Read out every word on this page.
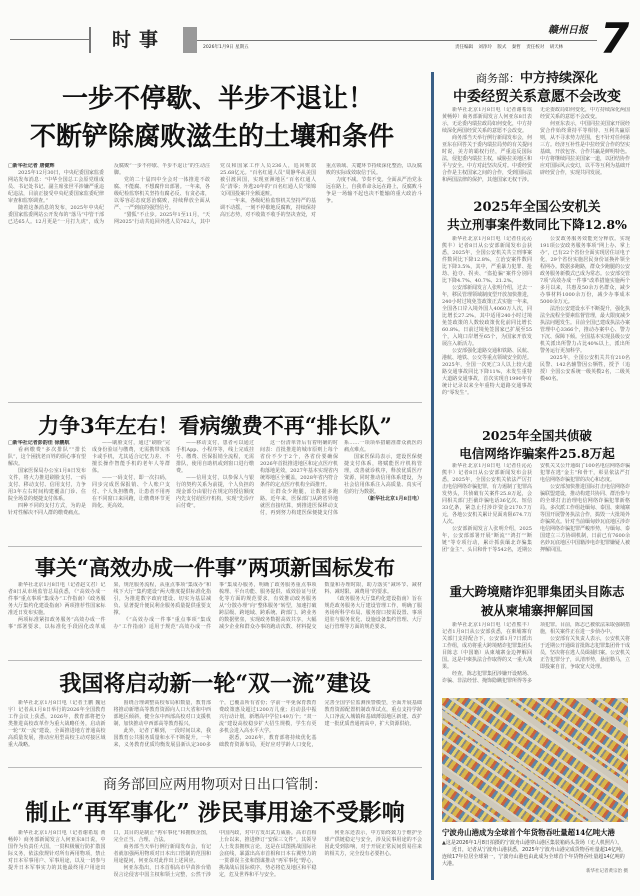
时事	2026年1月9日 星期五
赣州日报
责任编辑 刘净玲 版式 秦哲 责任校对 胡天林 7
一步不停歇、半步不退让！
不断铲除腐败滋生的土壤和条件

□新华社记者 唐健辉

2025年12月30日，中央纪委国家监委网站发布消息：“中华全国总工会原党组成员、书记处书记、副主席张世平涉嫌严重违纪违法，目前正接受中央纪委国家监委纪律审查和监察调查。”

随着这条消息的发布，2025年中央纪委国家监委网站公开发布的“落马”中管干部已达65人。12月更是“一月打九虎”，成为反腐败“一步不停歇、半步不退让”的生动注脚。

党的二十届四中全会对一体推进不敢腐、不能腐、不想腐作出部署。一年来，各级纪检监察机关坚持有腐必反、有贪必肃，以零容忍态度惩治腐败，持续释放全面从严、一严到底的强烈信号。

“猎狐”不止步。2025年1至11月，“天网2025”行动共追回外逃人员762人，其中党员和国家工作人员236人，追回赃款25.68亿元。“百名红通人员”周静华从美国被引渡回国，实现亚洲地区“百名红通人员”清零；外逃20年的“百名红通人员”梁锦文回国投案并全额退赃。

一年来，各级纪检监察机关坚持严的基调不动摇，一刻不停歇地反腐败，持续保持高压态势，对不收敛不收手的坚决查处，对重点领域、关键环节持续深化整治，以反腐败的实际成效取信于民。

力度不减。节奏不变。全面从严治党永远在路上，自我革命永远在路上，反腐败斗争是一场输不起也决不能输的重大政治斗争。

力争3年左右！看病缴费不再“排长队”

□新华社记者彭韵佳 徐鹏航

看病缴费“多次排队”“排长队”，这个困扰老百姓的烦心事有望解决。

国家医保局办公室1月8日发布文件，将大力推进刷脸支付、一码支付、移动支付、信用支付，力争用3年左右时间构建覆盖门诊、住院全场景的便捷支付体系。

四种不同的支付方式，为的是针对性解决不同人群的缴费痛点。

——刷脸支付，通过“刷脸”完成身份验证与缴费，无需携带实体卡或手机，尤其适合记忆力差、不擅长操作智能手机的老年人等群体。

——一码支付，即一次扫码，同步完成医保报销、个人账户支付、个人负担缴费，让患者不用再在不同窗口来回跑，让缴费环节更简化、更高效。

——移动支付，患者可以通过手机App、小程序等，线上完成挂号、缴费、医保报销全流程，无需排队，使用自助机或到窗口进行缴费。

——信用支付，以参保人与银行的契约关系为前提，个人负担的现金部分由银行在规定的授信额度内先支付给医疗机构，实现“先诊疗后付费”。

这一份清单背后有着明确的时间表：首批推进的城市原则上每个省份不少于2个，各省份要确保2026年首批推进地区和定点医疗机构落地见效，2027年基本实现省内统筹地区全覆盖，2028年省内符合条件的定点医疗机构全面推开。

让群众少跑腿，让数据多跑路。近年来，医保部门从跨省异地就医直接结算，到推进医保移动支付，再到努力构建医保便捷支付体系……一项项举措瞄准群众就医的痛点难点。

国家医保局表示，建设医保便捷支付体系，将赋能医疗机构管理，改善就诊秩序，释放优质医疗资源，同时推动信用体系建设，为社会信用体系注入高质量、真实可信的行为数据。

（新华社北京1月8日电）

事关“高效办成一件事”两项新国标发布

新华社北京1月8日电（记者赵文君）记者8日从市场监管总局获悉，《“高效办成一件事”重点事项“集成办”工作指南》《政务服务大厅集约化建设指南》两项推荐性国家标准近日发布实施。

两项标准紧扣政务服务“高效办成一件事”部署要求，以标准化手段固化改革成果，规范服务流程，从重点事项“集成办”和线下大厅“集约建设”两大维度提供标准化指引，为推进数字政府建设、切实为基层减负、显著提升便民利企服务质量提供重要支撑。

《“高效办成一件事”重点事项“集成办”工作指南》适用于规范“高效办成一件事”集成办服务，明确了政务服务重点事项梳理、平台功能、服务提供、成效验证与优化等方面的规范要求，有效推动政务服务从“分散办理”向“整体服务”转型，加速打破跨层级、跨地域、跨系统、跨部门、跨业务的数据壁垒，实现政务数据高效共享，大幅减少企业和群众办事的跑动次数、材料提交数量和办理时限，助力落实“减环节、减材料、减时限、减费用”的要求。

《政务服务大厅集约化建设指南》旨在规范政务服务大厅建设管理工作，明确了服务场所科学布局、服务窗口按需设置、事项进驻与服务优化、设施设备集约管理、大厅运行管理等方面的规范要求。

我国将启动新一轮“双一流”建设

新华社北京1月8日电（记者王鹏 魏冠宇）记者从1月8日举行的2026年全国教育工作会议上获悉，2026年，教育部将把分类推进高校改革作为重大战略任务，启动新一轮“双一流”建设，全面推进地方普通高校高质量发展，推动应用型高校主动对接区域重大战略。

围绕合理调整高校布局和数量，教育部将推动新增高等教育资源向人口大省和中西部地区倾斜，健全东中西部高校对口支援机制，加快推动中西部高等教育振兴。

此外，记者了解到，一段时间以来，我国教育公共服务质量和水平不断提升。一年来，义务教育优质均衡发展县新认定300多个，已覆盖所有省份；学前一年免保育教育费政策惠及超过1200万儿童；启动县中振兴行动计划，新增高中学位149万个；“双一流”建设高校稳步扩大招生规模，学生有更多机会进入高水平大学。

据悉，2026年，教育部将持续优化基础教育资源布局，更好应对学龄人口变化，完善全国学位监测预警模型，全面开展基础教育资源配置机制改革试点，重点支持学龄人口净流入城镇和基础薄弱地区新建、改扩建一批优质普通初高中，扩大资源供给。

商务部回应两用物项对日出口管制：
制止“再军事化” 涉民事用途不受影响

新华社北京1月8日电（记者谢希瑶 黄畅婷）商务部新闻发言人何亚东8日说，中国作为负责任大国，一贯积极履行防扩散国际义务，依法依规针对所有两用物项，禁止对日本军事用户、军事用途，以及一切参与提升日本军事实力的其他最终用户用途出口，其目的是制止“再军事化”和拥核企图，完全正当、合理、合法。

商务部当天举行例行新闻发布会，有记者就加强两用物项对日本出口管制的范围和用途提问，何亚东对此作出上述回应。

何亚东指出，日本首相高市早苗涉台错误言论侵害中国主权和领土完整，公然干涉中国内政，对中方发出武力威胁。高市首相上台以来，推进修订“安保三文件”，其领导人士发表拥核言论，这是在试图挑战国际社会底线，暴露出高市首相和日本右翼势力的一贯谬误主张和图谋推动“再军事化”野心，挑战战后国际秩序，势必将危及地区和平稳定，危及世界和平与安全。

何亚东还表示，中方始终致力于维护全球产供链稳定与安全，涉及民事用途的不会因此受到影响，对于开展正常民间贸易往来的相关方，完全没有必要担心。

商务部：中方持续深化
中委经贸关系意愿不会改变

新华社北京1月8日电（记者谢希瑶 黄畅婷）商务部新闻发言人何亚东8日表示，无论委内瑞拉政局如何变化，中方持续深化两国经贸关系的意愿不会改变。

商务部当天举行例行新闻发布会，何亚东在回答关于委内瑞拉局势的有关提问时说，美方的霸权行径，严重违反国际法，侵犯委内瑞拉主权，威胁拉美地区和平与安全。中方对此坚决反对。中委经贸合作是主权国家之间的合作，受到国际法和两国法律的保护，其他国家无权干涉。无论委政局如何变化，中方持续深化两国经贸关系的意愿不会改变。

何亚东表示，中国同拉美国家开展经贸合作始终秉持平等相待、互利共赢原则，从不寻求势力范围，也不针对任何第三方。经济互补性是中拉经贸合作的坚实基础，开放包容、合作共赢是鲜明特色。中方将继续同拉美国家一道，以团结协作应对国际风云变幻，以平等互利为基础开辟经贸合作，实现共同发展。

2025年全国公安机关
共立刑事案件数同比下降12.8%

新华社北京1月8日电（记者任沁沁 熊丰）记者8日从公安部新闻发布会获悉，2025年，全国公安机关共立刑事案件数同比下降12.8%，立治安案件数同比下降3.5%，其中，严重暴力犯罪、抢劫、抢夺、拐卖、“盗抢骗”案件分别同比下降4.7%、40.7%、21.2%。

公安部新闻发言人张明介绍，过去一年，移民管理领域制度型开放加快推进，240小时过境免签政策正式实施一年来，全国各口岸入境外国人4060万人次，同比增长27.2%，其中适用240小时过境免签政策的人数较政策优化前同比增长60.8%。日前过境免签国家已扩展至55个，入境口岸增至65个，为国家开放发展注入新活力。

公安部强化道路交通和铁路、民航、港航、地铁、公交等重点领域安全防范。2025年，全国一次死亡3人以上较大道路交通事故同比下降11%，未发生重特大道路交通事故，首次实现自1990年有统计记录以来全年重特大道路交通事故的“零发生”。

公安政务服务效能充分释放。实现191项公安政务服务事项“网上办、掌上办”，已有22个省份全面实现居住证电子化，29个省份实施居民身份证换补领全程网办。数据多跑路，群众少跑腿的公安政务服务新模式已成为常态。公安部交管7项“高效办成一件事”改革措施实施两个多月以来，共惠及50余万名群众，减少办事材料1000余万份，减少办事成本5000余万元。

法治公安建设水平不断提升，强化执法全流程全要素监督管理，最大限度减少执法问题发生。目前全国已建成执法办案管理中心3366个，推动办案中心、警力下沉、保障下倾。全国基本实现县级公安机关派出所警力占比40%以上，派出所警务运行更加科学。

2025年，全国公安机关共有210名民警、142名辅警因公牺牲，授予（追授）全国公安系统一级英模2名，二级英模40名。

2025年全国共侦破
电信网络诈骗案件25.8万起

新华社北京1月8日电（记者任沁沁 熊丰）记者8日从公安部新闻发布会获悉，2025年，全国公安机关依法严厉打击电信网络诈骗犯罪，有力遏制了犯罪高发势头，共侦破有关案件25.8万起，会同相关部门拦截诈骗电话36亿次、短信33亿条，紧急止付涉诈资金2170.7万元，各地公安机关累计见面劝阻674.7万人次。

公安部新闻发言人张明介绍，2025年，公安部部署开展“断流”“鸿打”“断链”等专项行动，累计抓获缅北诈骗集团“金主”、头目和骨干等542名，近期公安机关又公开通缉了100名电信网络诈骗犯罪在逃“金主”和骨干，彰显依法严打电信网络诈骗犯罪的决心和态度。

公安部加快推进国际打击电信网络诈骗联盟建设，推动构建共协同、群治参与的全球打击治理电信网络诈骗犯罪新格局。多次派工作组赴缅甸、泰国、柬埔寨等国开展警务执法合作，捣毁一大批境外诈骗窝点。针对当前缅甸妙瓦底地区涉诈电信网络诈骗犯罪严峻形势，与缅甸、泰国建立三方协调机制，日前已有7600余名妙瓦底地区中国籍涉电诈犯罪嫌疑人被押解回国。

重大跨境赌诈犯罪集团头目陈志
被从柬埔寨押解回国

新华社北京1月8日电（记者熊丰）记者1月8日从公安部获悉，在柬埔寨有关部门支持配合下，公安部1月7日派出工作组，成功将重大跨境赌诈犯罪集团头目陈志（中国籍）从柬埔寨金边押解回国。这是中柬执法合作取得的又一重大战果。

经查，陈志犯罪集团涉嫌开设赌场、诈骗、非法经营、掩饰隐瞒犯罪所得等多项犯罪。目前，陈志已被依法采取强制措施，相关案件正在进一步侦办中。

公安部有关负责人表示，公安机关将于近期公开通缉首批陈志犯罪集团骨干成员，坚决将在逃人员缉捕归案。公安机关正告犯罪分子，认清形势，悬崖勒马，立即投案自首，争取宽大处理。

宁波舟山港成为全球首个年货物吞吐量超14亿吨大港
▲这是2026年1月8日拍摄的宁波舟山港穿山港区集装箱码头货场（无人机照片）。
近日，记者从宁波舟山港获悉，2025年宁波舟山港完成货物吞吐量超14亿吨，连续17年位居全球第一，宁波舟山港也由此成为全球首个年货物吞吐量超14亿吨的大港。
新华社记者黄宗治 摄
